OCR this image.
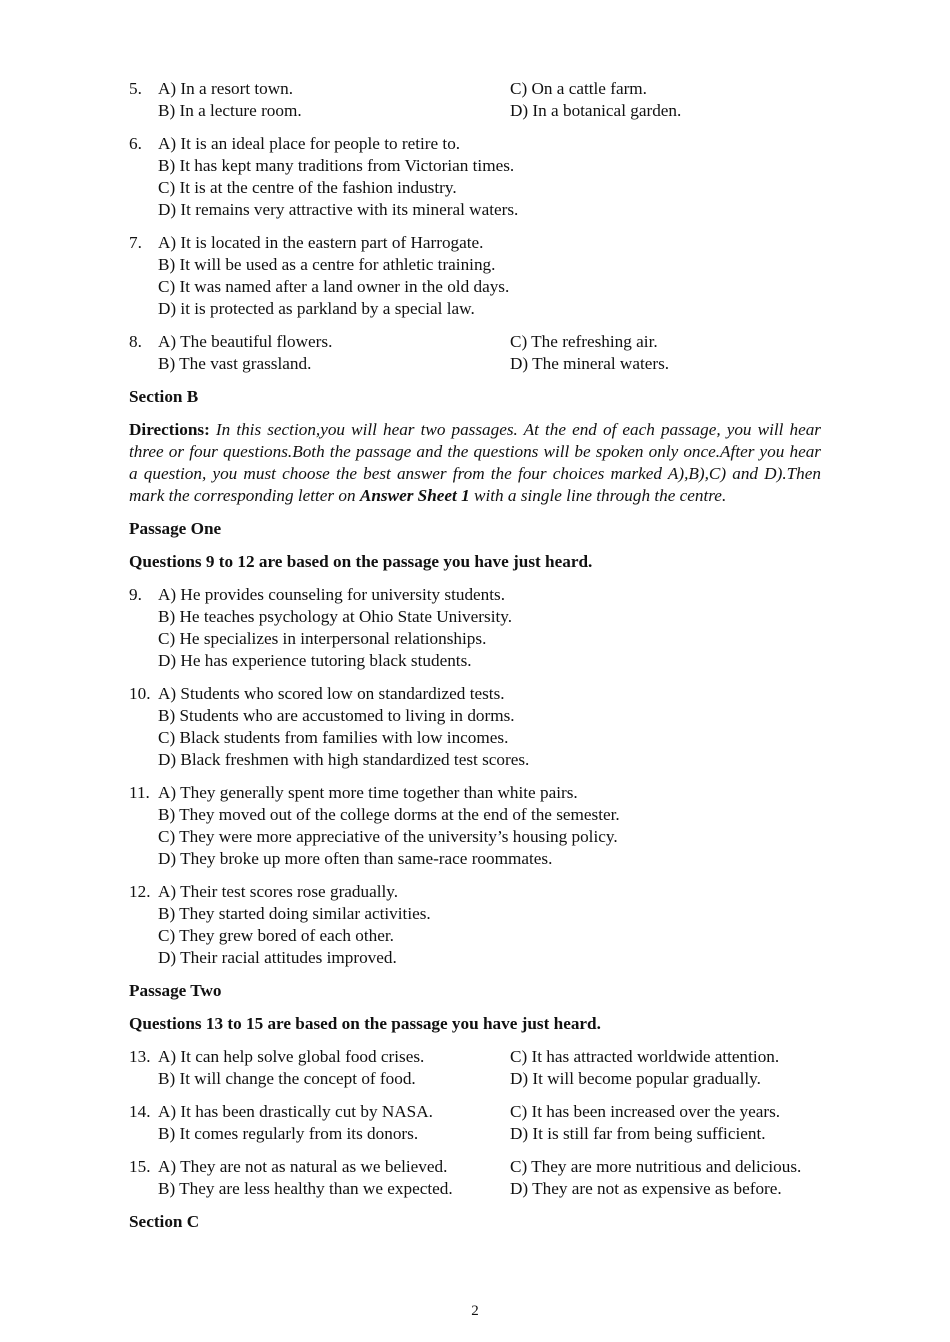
5. A) In a resort town.	C) On a cattle farm.
B) In a lecture room.	D) In a botanical garden.
6. A) It is an ideal place for people to retire to.
B) It has kept many traditions from Victorian times.
C) It is at the centre of the fashion industry.
D) It remains very attractive with its mineral waters.
7. A) It is located in the eastern part of Harrogate.
B) It will be used as a centre for athletic training.
C) It was named after a land owner in the old days.
D) it is protected as parkland by a special law.
8. A) The beautiful flowers.	C) The refreshing air.
B) The vast grassland.	D) The mineral waters.
Section B
Directions: In this section,you will hear two passages. At the end of each passage, you will hear three or four questions.Both the passage and the questions will be spoken only once.After you hear a question, you must choose the best answer from the four choices marked A),B),C) and D).Then mark the corresponding letter on Answer Sheet 1 with a single line through the centre.
Passage One
Questions 9 to 12 are based on the passage you have just heard.
9. A) He provides counseling for university students.
B) He teaches psychology at Ohio State University.
C) He specializes in interpersonal relationships.
D) He has experience tutoring black students.
10. A) Students who scored low on standardized tests.
B) Students who are accustomed to living in dorms.
C) Black students from families with low incomes.
D) Black freshmen with high standardized test scores.
11. A) They generally spent more time together than white pairs.
B) They moved out of the college dorms at the end of the semester.
C) They were more appreciative of the university’s housing policy.
D) They broke up more often than same-race roommates.
12. A) Their test scores rose gradually.
B) They started doing similar activities.
C) They grew bored of each other.
D) Their racial attitudes improved.
Passage Two
Questions 13 to 15 are based on the passage you have just heard.
13. A) It can help solve global food crises.	C) It has attracted worldwide attention.
B) It will change the concept of food.	D) It will become popular gradually.
14. A) It has been drastically cut by NASA.	C) It has been increased over the years.
B) It comes regularly from its donors.	D) It is still far from being sufficient.
15. A) They are not as natural as we believed.	C) They are more nutritious and delicious.
B) They are less healthy than we expected.	D) They are not as expensive as before.
Section C
2
